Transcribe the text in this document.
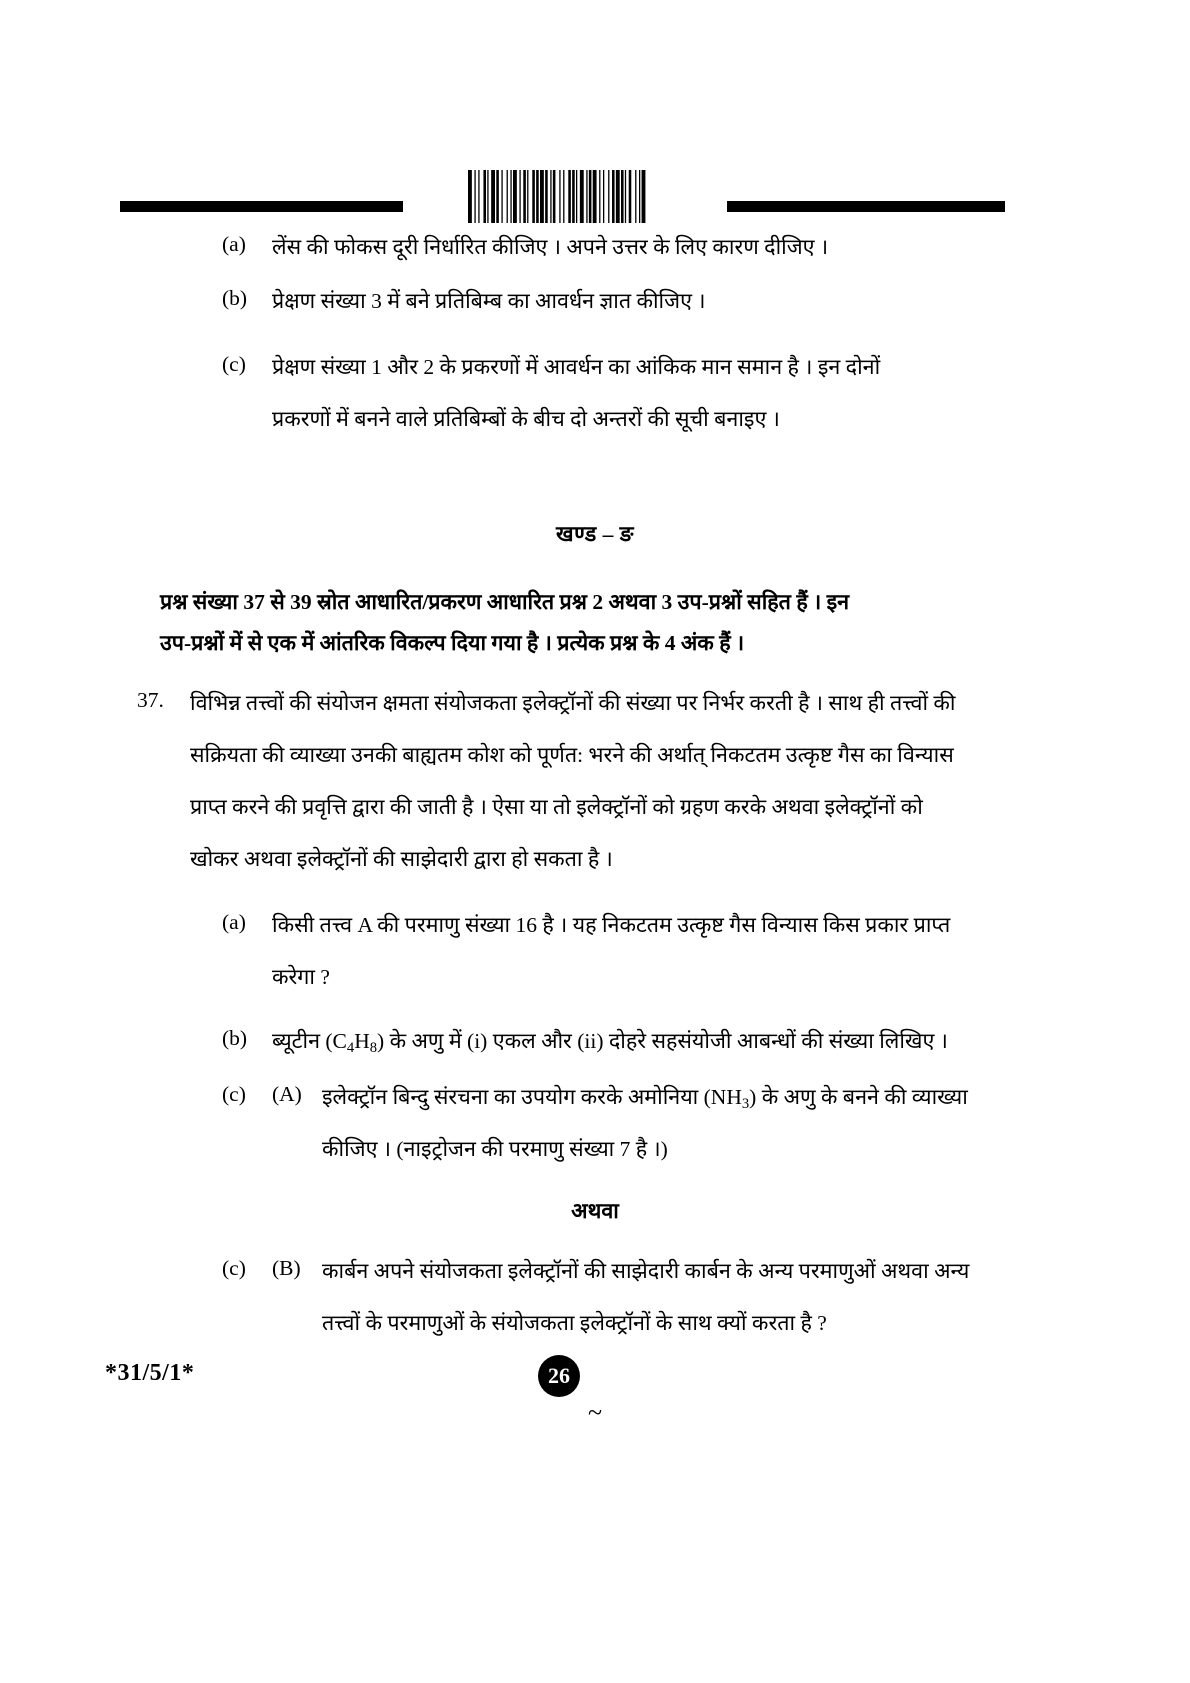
(a) लेंस की फोकस दूरी निर्धारित कीजिए । अपने उत्तर के लिए कारण दीजिए ।
(b) प्रेक्षण संख्या 3 में बने प्रतिबिम्ब का आवर्धन ज्ञात कीजिए ।
(c) प्रेक्षण संख्या 1 और 2 के प्रकरणों में आवर्धन का आंकिक मान समान है । इन दोनों
प्रकरणों में बनने वाले प्रतिबिम्बों के बीच दो अन्तरों की सूची बनाइए ।
खण्ड – ङ
प्रश्न संख्या 37 से 39 स्रोत आधारित/प्रकरण आधारित प्रश्न 2 अथवा 3 उप-प्रश्नों सहित हैं । इन
उप-प्रश्नों में से एक में आंतरिक विकल्प दिया गया है । प्रत्येक प्रश्न के 4 अंक हैं ।
37. विभिन्न तत्त्वों की संयोजन क्षमता संयोजकता इलेक्ट्रॉनों की संख्या पर निर्भर करती है । साथ ही तत्त्वों की
सक्रियता की व्याख्या उनकी बाह्यतम कोश को पूर्णत: भरने की अर्थात् निकटतम उत्कृष्ट गैस का विन्यास
प्राप्त करने की प्रवृत्ति द्वारा की जाती है । ऐसा या तो इलेक्ट्रॉनों को ग्रहण करके अथवा इलेक्ट्रॉनों को
खोकर अथवा इलेक्ट्रॉनों की साझेदारी द्वारा हो सकता है ।
(a) किसी तत्त्व A की परमाणु संख्या 16 है । यह निकटतम उत्कृष्ट गैस विन्यास किस प्रकार प्राप्त
करेगा ?
(b) ब्यूटीन $(C_4H_8)$ के अणु में (i) एकल और (ii) दोहरे सहसंयोजी आबन्धों की संख्या लिखिए ।
(c) (A) इलेक्ट्रॉन बिन्दु संरचना का उपयोग करके अमोनिया $(NH_3)$ के अणु के बनने की व्याख्या
कीजिए । (नाइट्रोजन की परमाणु संख्या 7 है ।)
अथवा
(c) (B) कार्बन अपने संयोजकता इलेक्ट्रॉनों की साझेदारी कार्बन के अन्य परमाणुओं अथवा अन्य
तत्त्वों के परमाणुओं के संयोजकता इलेक्ट्रॉनों के साथ क्यों करता है ?
*31/5/1*	26
~
